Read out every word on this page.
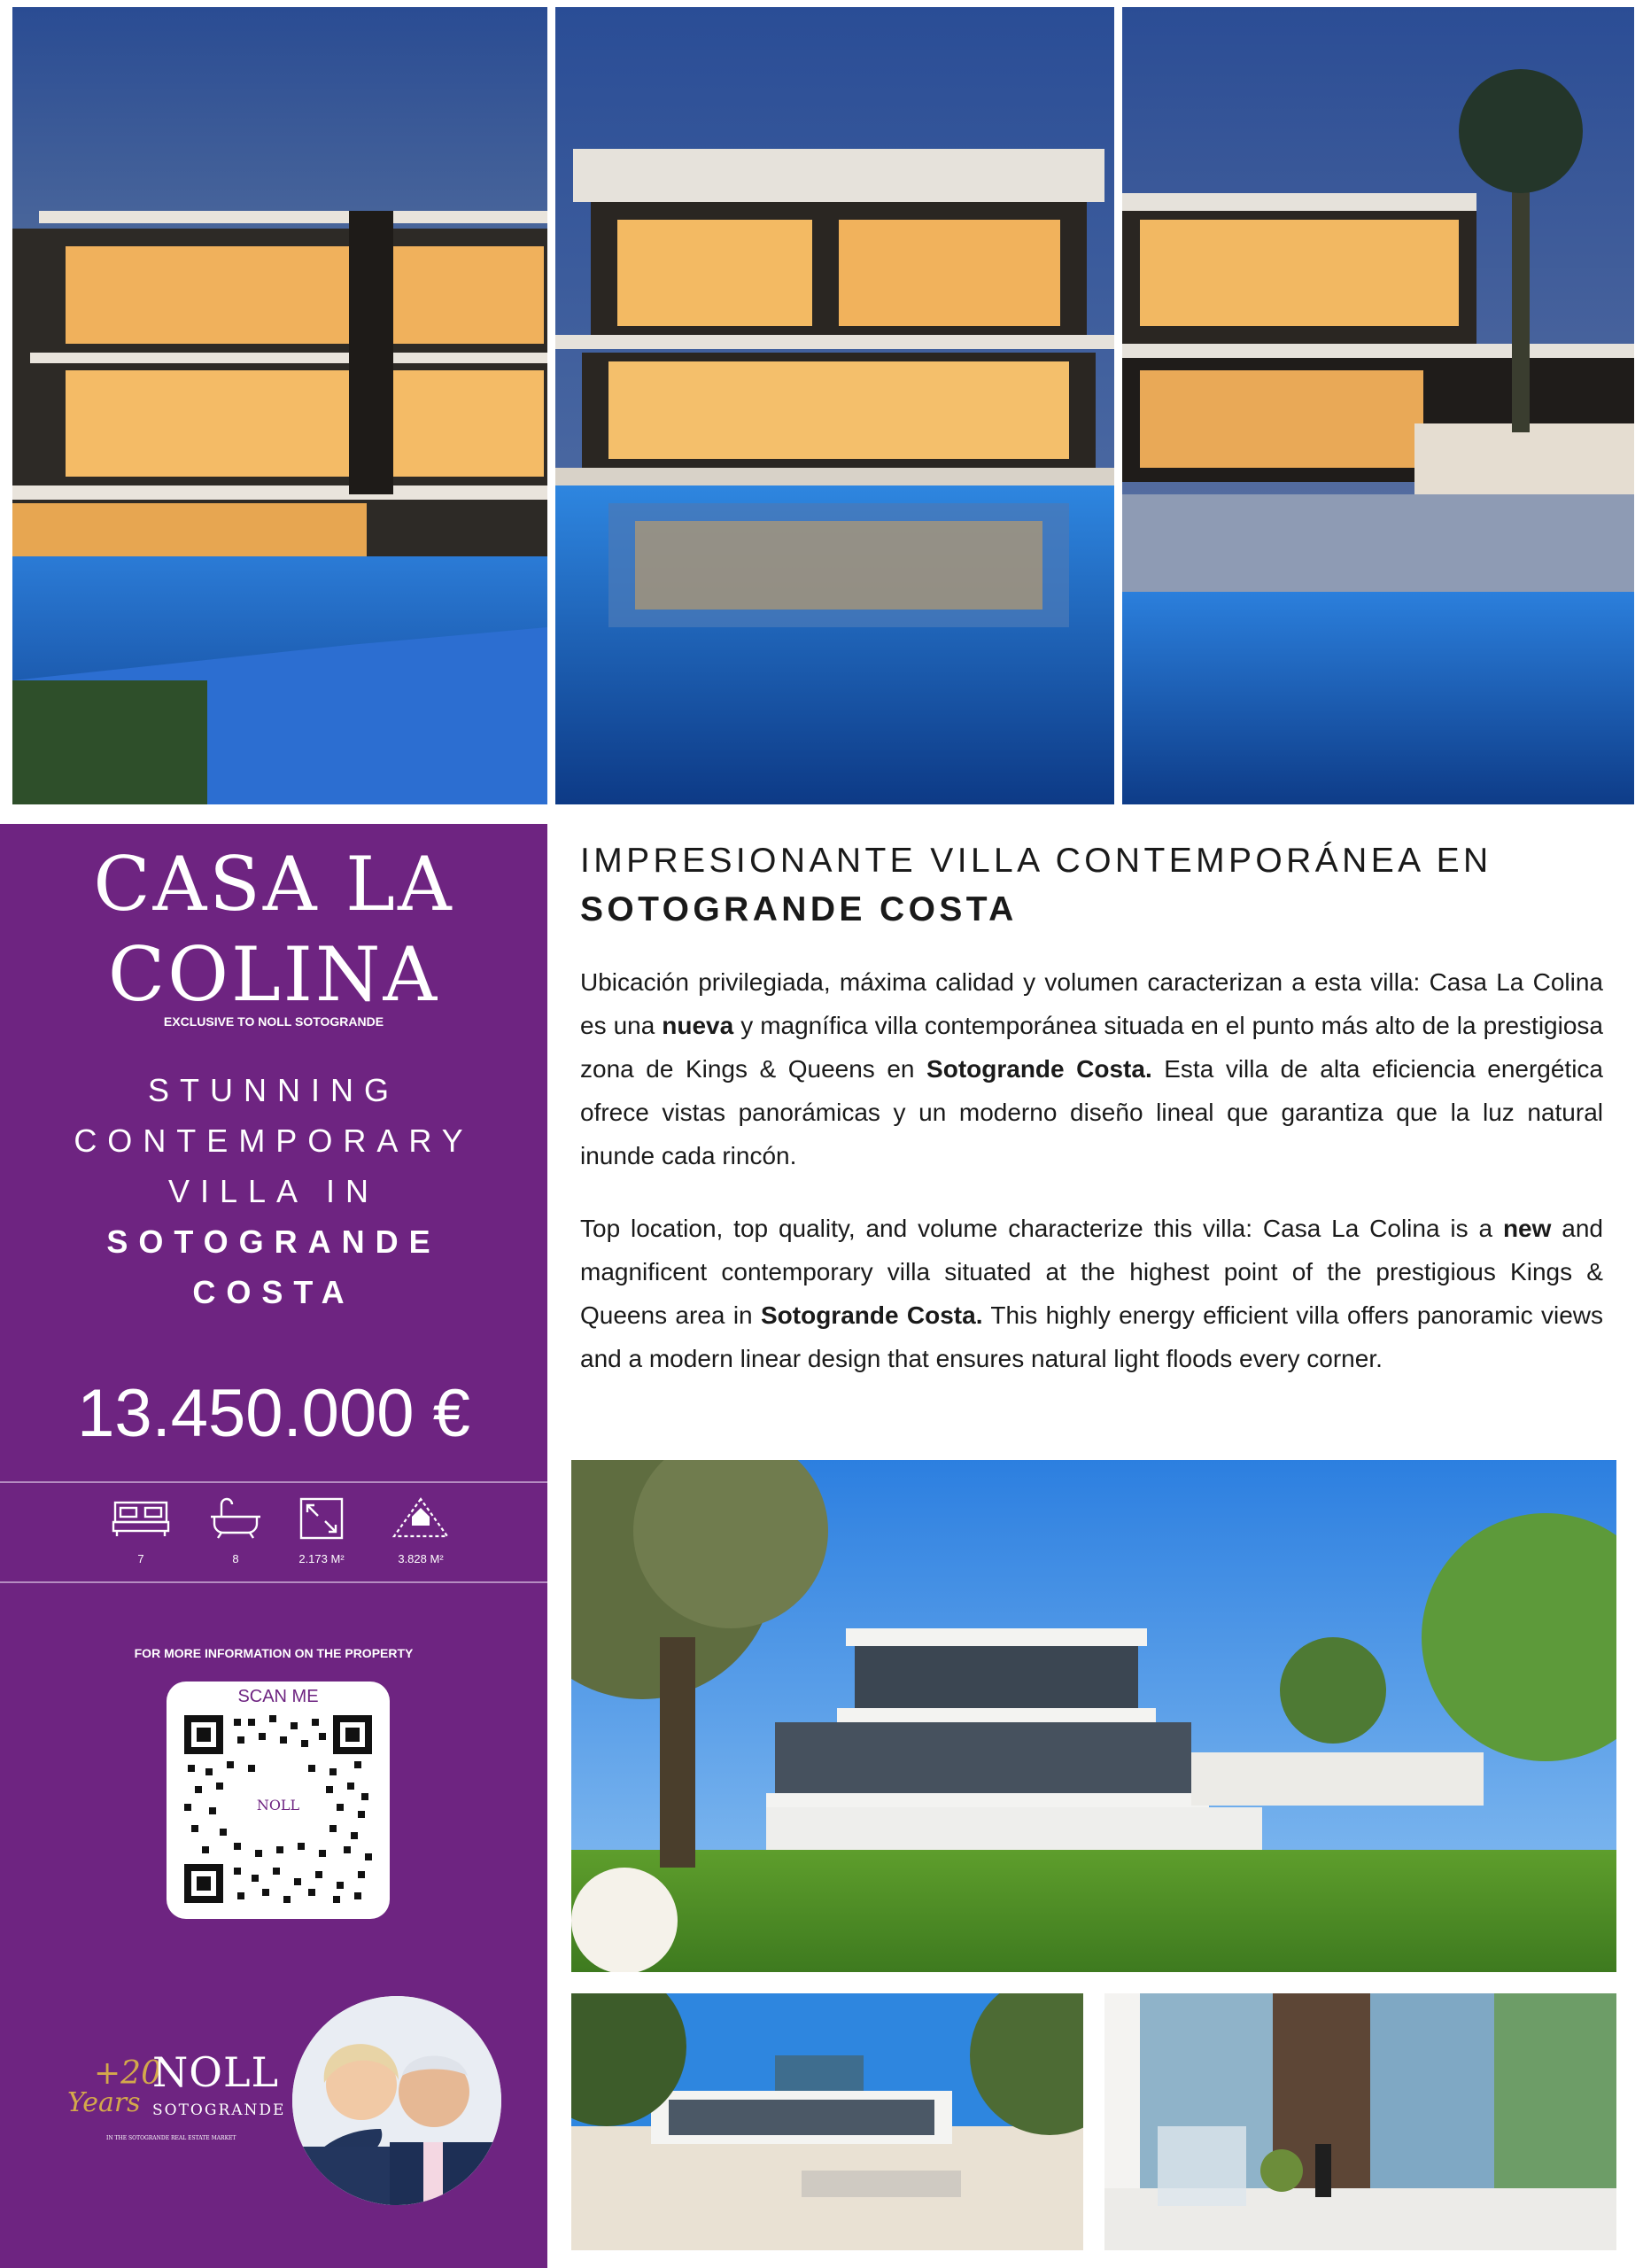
CASA LA
COLINA
EXCLUSIVE TO NOLL SOTOGRANDE
STUNNING
CONTEMPORARY
VILLA IN
SOTOGRANDE
COSTA
13.450.000 €
7	8	2.173 M²	3.828 M²
FOR MORE INFORMATION ON THE PROPERTY
SCAN ME
NOLL
+20
Years
NOLL
SOTOGRANDE
IN THE SOTOGRANDE REAL ESTATE MARKET
IMPRESIONANTE VILLA CONTEMPORÁNEA EN
SOTOGRANDE COSTA
Ubicación privilegiada, máxima calidad y volumen caracterizan a esta villa: Casa La Colina es una nueva y magnífica villa contemporánea situada en el punto más alto de la prestigiosa zona de Kings & Queens en Sotogrande Costa. Esta villa de alta eficiencia energética ofrece vistas panorámicas y un moderno diseño lineal que garantiza que la luz natural inunde cada rincón.
Top location, top quality, and volume characterize this villa: Casa La Colina is a new and magnificent contemporary villa situated at the highest point of the prestigious Kings & Queens area in Sotogrande Costa. This highly energy efficient villa offers panoramic views and a modern linear design that ensures natural light floods every corner.
